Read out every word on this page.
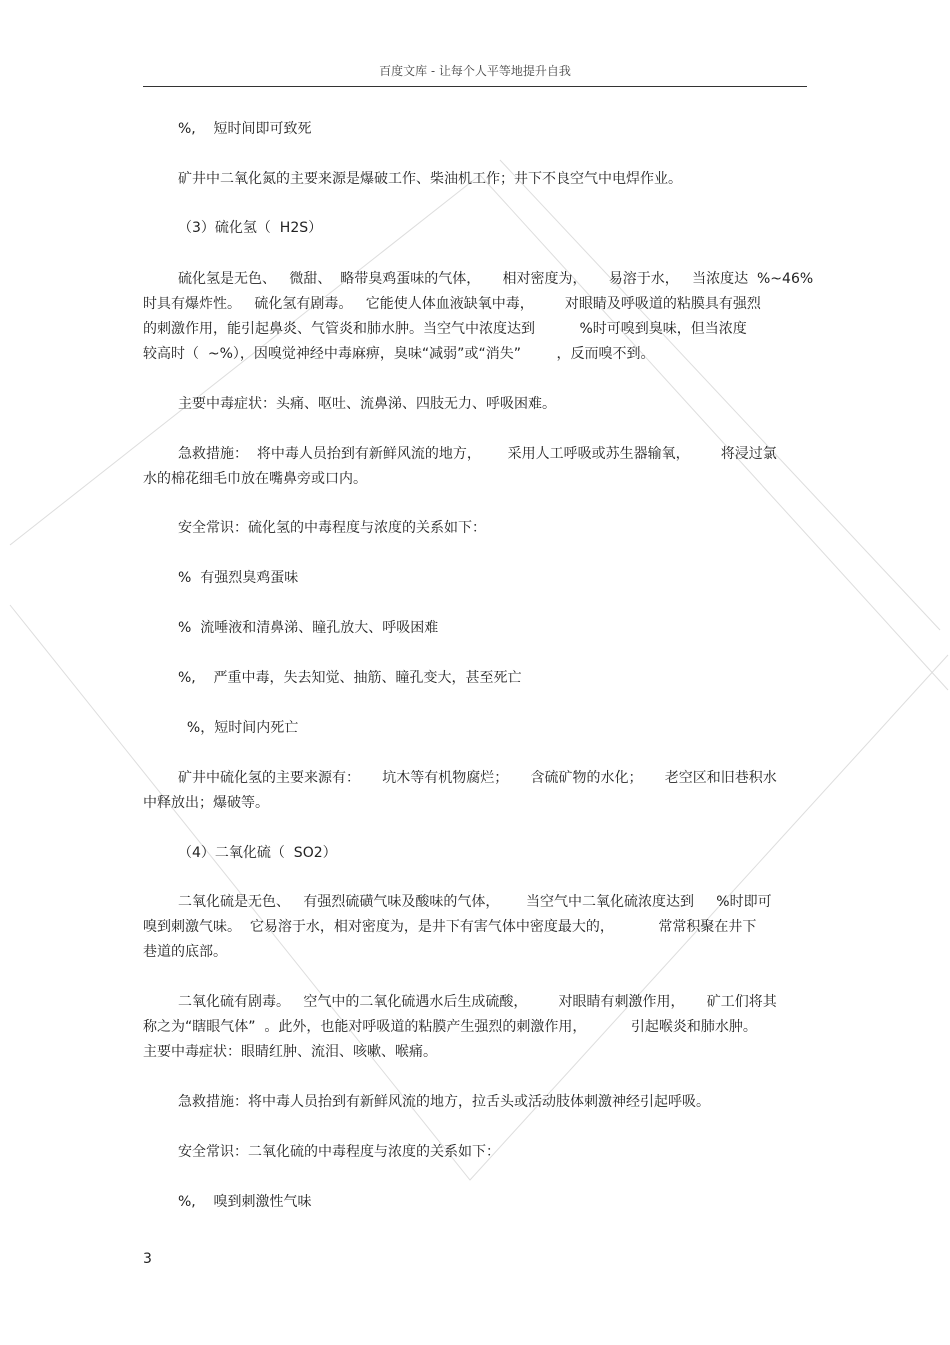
百度文库 - 让每个人平等地提升自我
%,    短时间即可致死
矿井中二氧化氮的主要来源是爆破工作、柴油机工作；井下不良空气中电焊作业。
（3）硫化氢（  H2S）
硫化氢是无色、   微甜、  略带臭鸡蛋味的气体，     相对密度为，     易溶于水，   当浓度达  %~46%
时具有爆炸性。   硫化氢有剧毒。   它能使人体血液缺氧中毒，       对眼睛及呼吸道的粘膜具有强烈
的刺激作用，能引起鼻炎、气管炎和肺水肿。当空气中浓度达到          %时可嗅到臭味，但当浓度
较高时（  ~%），因嗅觉神经中毒麻痹，臭味“减弱”或“消失”        ，反而嗅不到。
主要中毒症状：头痛、呕吐、流鼻涕、四肢无力、呼吸困难。
急救措施：  将中毒人员抬到有新鲜风流的地方，      采用人工呼吸或苏生器输氧，       将浸过氯
水的棉花细毛巾放在嘴鼻旁或口内。
安全常识：硫化氢的中毒程度与浓度的关系如下：
%  有强烈臭鸡蛋味
%  流唾液和清鼻涕、瞳孔放大、呼吸困难
%,    严重中毒，失去知觉、抽筋、瞳孔变大，甚至死亡
%，短时间内死亡
矿井中硫化氢的主要来源有：     坑木等有机物腐烂；     含硫矿物的水化；     老空区和旧巷积水
中释放出；爆破等。
（4）二氧化硫（  SO2）
二氧化硫是无色、   有强烈硫磺气味及酸味的气体，      当空气中二氧化硫浓度达到     %时即可
嗅到刺激气味。  它易溶于水，相对密度为，是井下有害气体中密度最大的，          常常积聚在井下
巷道的底部。
二氧化硫有剧毒。   空气中的二氧化硫遇水后生成硫酸，       对眼睛有刺激作用，     矿工们将其
称之为“瞎眼气体”  。此外，也能对呼吸道的粘膜产生强烈的刺激作用，          引起喉炎和肺水肿。
主要中毒症状：眼睛红肿、流泪、咳嗽、喉痛。
急救措施：将中毒人员抬到有新鲜风流的地方，拉舌头或活动肢体刺激神经引起呼吸。
安全常识：二氧化硫的中毒程度与浓度的关系如下：
%,    嗅到刺激性气味
3
